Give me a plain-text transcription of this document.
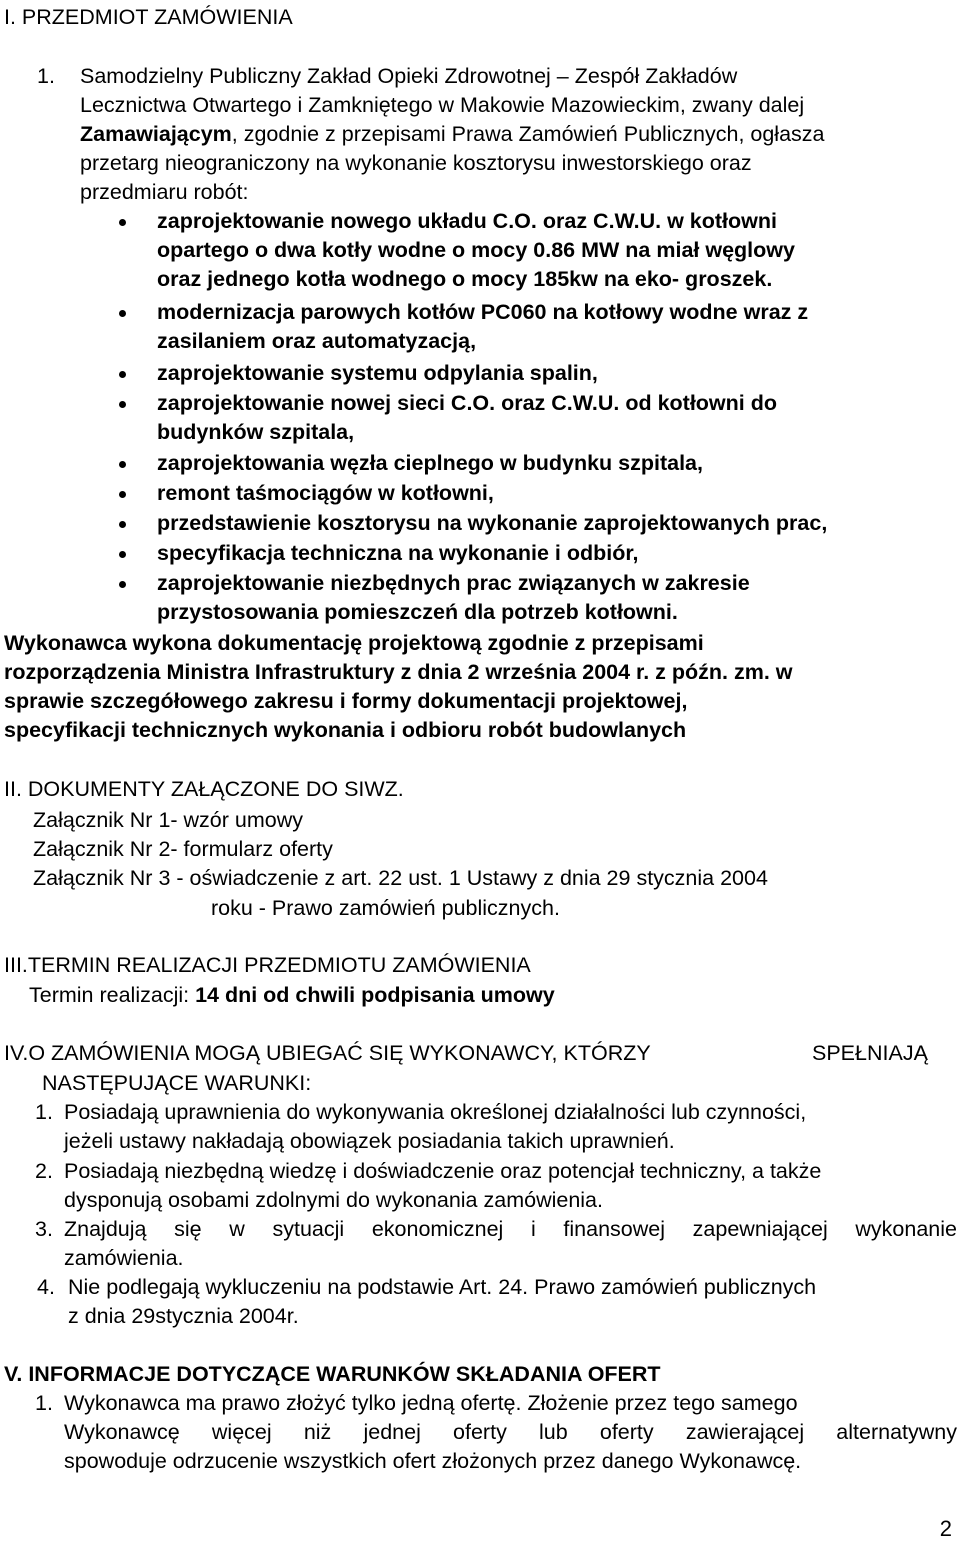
I. PRZEDMIOT ZAMÓWIENIA
1. Samodzielny Publiczny Zakład Opieki Zdrowotnej – Zespół Zakładów
Lecznictwa Otwartego i Zamkniętego w Makowie Mazowieckim, zwany dalej
Zamawiającym, zgodnie z przepisami Prawa Zamówień Publicznych, ogłasza
przetarg nieograniczony na wykonanie kosztorysu inwestorskiego oraz
przedmiaru robót:
zaprojektowanie nowego układu C.O. oraz C.W.U. w kotłowni
opartego o dwa kotły wodne o mocy 0.86 MW na miał węglowy
oraz jednego kotła wodnego o mocy 185kw na eko- groszek.
modernizacja parowych kotłów PC060 na kotłowy wodne wraz z
zasilaniem oraz automatyzacją,
zaprojektowanie systemu odpylania spalin,
zaprojektowanie nowej sieci C.O. oraz C.W.U. od kotłowni do
budynków szpitala,
zaprojektowania węzła cieplnego w budynku szpitala,
remont taśmociągów w kotłowni,
przedstawienie kosztorysu na wykonanie zaprojektowanych prac,
specyfikacja techniczna na wykonanie i odbiór,
zaprojektowanie niezbędnych prac związanych w zakresie
przystosowania pomieszczeń dla potrzeb kotłowni.
Wykonawca wykona dokumentację projektową zgodnie z przepisami
rozporządzenia Ministra Infrastruktury z dnia 2 września 2004 r. z późn. zm. w
sprawie szczegółowego zakresu i formy dokumentacji projektowej,
specyfikacji technicznych wykonania i odbioru robót budowlanych
II. DOKUMENTY ZAŁĄCZONE DO SIWZ.
Załącznik Nr 1- wzór umowy
Załącznik Nr 2- formularz oferty
Załącznik Nr 3 - oświadczenie z art. 22 ust. 1 Ustawy z dnia 29 stycznia 2004
roku - Prawo zamówień publicznych.
III.TERMIN REALIZACJI PRZEDMIOTU ZAMÓWIENIA
Termin realizacji: 14 dni od chwili podpisania umowy
IV.O ZAMÓWIENIA MOGĄ UBIEGAĆ SIĘ WYKONAWCY, KTÓRZY	SPEŁNIAJĄ
NASTĘPUJĄCE WARUNKI:
1. Posiadają uprawnienia do wykonywania określonej działalności lub czynności,
jeżeli ustawy nakładają obowiązek posiadania takich uprawnień.
2. Posiadają niezbędną wiedzę i doświadczenie oraz potencjał techniczny, a także
dysponują osobami zdolnymi do wykonania zamówienia.
3. Znajdują się w sytuacji ekonomicznej i finansowej zapewniającej wykonanie
zamówienia.
4. Nie podlegają wykluczeniu na podstawie Art. 24. Prawo zamówień publicznych
z dnia 29stycznia 2004r.
V. INFORMACJE DOTYCZĄCE WARUNKÓW SKŁADANIA OFERT
1. Wykonawca ma prawo złożyć tylko jedną ofertę. Złożenie przez tego samego
Wykonawcę więcej niż jednej oferty lub oferty zawierającej alternatywny
spowoduje odrzucenie wszystkich ofert złożonych przez danego Wykonawcę.
2
